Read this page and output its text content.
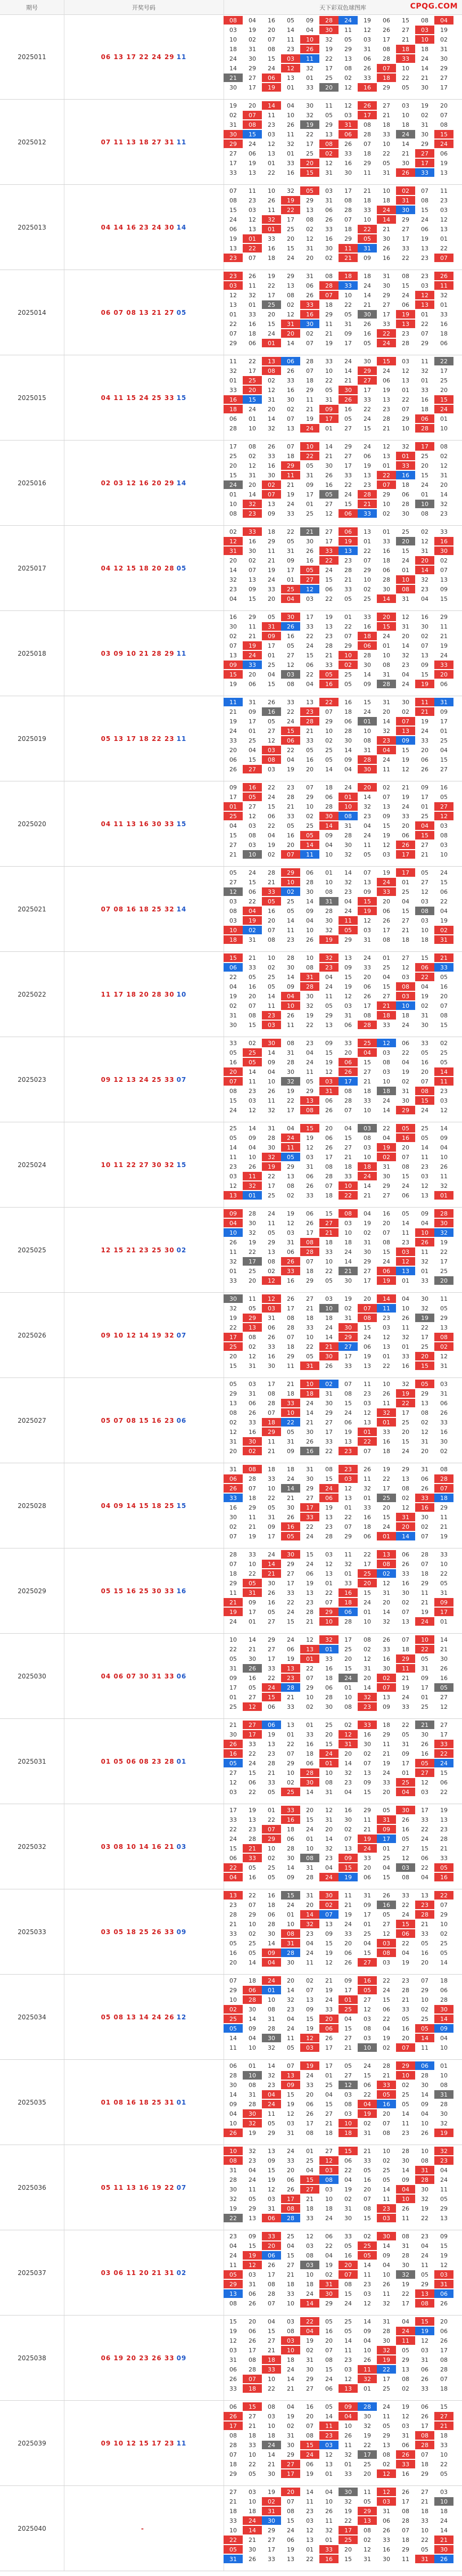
期号	开奖号码	天下彩双色球图库	CPQG.COM
2025011	06 13 17 22 24 29 11
08	04	16	05	09	28	24	19	06	15	08	04
03	19	20	14	04	30	11	12	26	27	03	19
10	02	07	11	10	32	05	03	17	21	10	02
18	31	08	23	26	19	29	31	08	18	18	31
24	30	15	03	11	22	13	06	28	33	24	30
14	29	24	12	32	17	08	26	07	10	14	29
21	27	06	13	01	25	02	33	18	22	21	27
30	17	19	01	33	20	12	16	29	05	30	17
2025012	07 11 13 18 27 31 11
19	20	14	04	30	11	12	26	27	03	19	20
02	07	11	10	32	05	03	17	21	10	02	07
31	08	23	26	19	29	31	08	18	18	31	08
30	15	03	11	22	13	06	28	33	24	30	15
29	24	12	32	17	08	26	07	10	14	29	24
27	06	13	01	25	02	33	18	22	21	27	06
17	19	01	33	20	12	16	29	05	30	17	19
33	13	22	16	15	31	30	11	31	26	33	13
2025013	04 14 16 23 24 30 14
07	11	10	32	05	03	17	21	10	02	07	11
08	23	26	19	29	31	08	18	18	31	08	23
15	03	11	22	13	06	28	33	24	30	15	03
24	12	32	17	08	26	07	10	14	29	24	12
06	13	01	25	02	33	18	22	21	27	06	13
19	01	33	20	12	16	29	05	30	17	19	01
13	22	16	15	31	30	11	31	26	33	13	22
23	07	18	24	20	02	21	09	16	22	23	07
2025014	06 07 08 13 21 27 05
23	26	19	29	31	08	18	18	31	08	23	26
03	11	22	13	06	28	33	24	30	15	03	11
12	32	17	08	26	07	10	14	29	24	12	32
13	01	25	02	33	18	22	21	27	06	13	01
01	33	20	12	16	29	05	30	17	19	01	33
22	16	15	31	30	11	31	26	33	13	22	16
07	18	24	20	02	21	09	16	22	23	07	18
29	06	01	14	07	19	17	05	24	28	29	06
2025015	04 11 15 24 25 33 15
11	22	13	06	28	33	24	30	15	03	11	22
32	17	08	26	07	10	14	29	24	12	32	17
01	25	02	33	18	22	21	27	06	13	01	25
33	20	12	16	29	05	30	17	19	01	33	20
16	15	31	30	11	31	26	33	13	22	16	15
18	24	20	02	21	09	16	22	23	07	18	24
06	01	14	07	19	17	05	24	28	29	06	01
28	10	32	13	24	01	27	15	21	10	28	10
2025016	02 03 12 16 20 29 14
17	08	26	07	10	14	29	24	12	32	17	08
25	02	33	18	22	21	27	06	13	01	25	02
20	12	16	29	05	30	17	19	01	33	20	12
15	31	30	11	31	26	33	13	22	16	15	31
24	20	02	21	09	16	22	23	07	18	24	20
01	14	07	19	17	05	24	28	29	06	01	14
10	32	13	24	01	27	15	21	10	28	10	32
08	23	09	33	25	12	06	33	02	30	08	23
2025017	04 12 15 18 20 28 05
02	33	18	22	21	27	06	13	01	25	02	33
12	16	29	05	30	17	19	01	33	20	12	16
31	30	11	31	26	33	13	22	16	15	31	30
20	02	21	09	16	22	23	07	18	24	20	02
14	07	19	17	05	24	28	29	06	01	14	07
32	13	24	01	27	15	21	10	28	10	32	13
23	09	33	25	12	06	33	02	30	08	23	09
04	15	20	04	03	22	05	25	14	31	04	15
2025018	03 09 10 21 28 29 11
16	29	05	30	17	19	01	33	20	12	16	29
30	11	31	26	33	13	22	16	15	31	30	11
02	21	09	16	22	23	07	18	24	20	02	21
07	19	17	05	24	28	29	06	01	14	07	19
13	24	01	27	15	21	10	28	10	32	13	24
09	33	25	12	06	33	02	30	08	23	09	33
15	20	04	03	22	05	25	14	31	04	15	20
19	06	15	08	04	16	05	09	28	24	19	06
2025019	05 13 17 18 22 23 11
11	31	26	33	13	22	16	15	31	30	11	31
21	09	16	22	23	07	18	24	20	02	21	09
19	17	05	24	28	29	06	01	14	07	19	17
24	01	27	15	21	10	28	10	32	13	24	01
33	25	12	06	33	02	30	08	23	09	33	25
20	04	03	22	05	25	14	31	04	15	20	04
06	15	08	04	16	05	09	28	24	19	06	15
26	27	03	19	20	14	04	30	11	12	26	27
2025020	04 11 13 16 30 33 15
09	16	22	23	07	18	24	20	02	21	09	16
17	05	24	28	29	06	01	14	07	19	17	05
01	27	15	21	10	28	10	32	13	24	01	27
25	12	06	33	02	30	08	23	09	33	25	12
04	03	22	05	25	14	31	04	15	20	04	03
15	08	04	16	05	09	28	24	19	06	15	08
27	03	19	20	14	04	30	11	12	26	27	03
21	10	02	07	11	10	32	05	03	17	21	10
2025021	07 08 16 18 25 32 14
05	24	28	29	06	01	14	07	19	17	05	24
27	15	21	10	28	10	32	13	24	01	27	15
12	06	33	02	30	08	23	09	33	25	12	06
03	22	05	25	14	31	04	15	20	04	03	22
08	04	16	05	09	28	24	19	06	15	08	04
03	19	20	14	04	30	11	12	26	27	03	19
10	02	07	11	10	32	05	03	17	21	10	02
18	31	08	23	26	19	29	31	08	18	18	31
2025022	11 17 18 20 28 30 10
15	21	10	28	10	32	13	24	01	27	15	21
06	33	02	30	08	23	09	33	25	12	06	33
22	05	25	14	31	04	15	20	04	03	22	05
04	16	05	09	28	24	19	06	15	08	04	16
19	20	14	04	30	11	12	26	27	03	19	20
02	07	11	10	32	05	03	17	21	10	02	07
31	08	23	26	19	29	31	08	18	18	31	08
30	15	03	11	22	13	06	28	33	24	30	15
2025023	09 12 13 24 25 33 07
33	02	30	08	23	09	33	25	12	06	33	02
05	25	14	31	04	15	20	04	03	22	05	25
16	05	09	28	24	19	06	15	08	04	16	05
20	14	04	30	11	12	26	27	03	19	20	14
07	11	10	32	05	03	17	21	10	02	07	11
08	23	26	19	29	31	08	18	18	31	08	23
15	03	11	22	13	06	28	33	24	30	15	03
24	12	32	17	08	26	07	10	14	29	24	12
2025024	10 11 22 27 30 32 15
25	14	31	04	15	20	04	03	22	05	25	14
05	09	28	24	19	06	15	08	04	16	05	09
14	04	30	11	12	26	27	03	19	20	14	04
11	10	32	05	03	17	21	10	02	07	11	10
23	26	19	29	31	08	18	18	31	08	23	26
03	11	22	13	06	28	33	24	30	15	03	11
12	32	17	08	26	07	10	14	29	24	12	32
13	01	25	02	33	18	22	21	27	06	13	01
2025025	12 15 21 23 25 30 02
09	28	24	19	06	15	08	04	16	05	09	28
04	30	11	12	26	27	03	19	20	14	04	30
10	32	05	03	17	21	10	02	07	11	10	32
26	19	29	31	08	18	18	31	08	23	26	19
11	22	13	06	28	33	24	30	15	03	11	22
32	17	08	26	07	10	14	29	24	12	32	17
01	25	02	33	18	22	21	27	06	13	01	25
33	20	12	16	29	05	30	17	19	01	33	20
2025026	09 10 12 14 19 32 07
30	11	12	26	27	03	19	20	14	04	30	11
32	05	03	17	21	10	02	07	11	10	32	05
19	29	31	08	18	18	31	08	23	26	19	29
22	13	06	28	33	24	30	15	03	11	22	13
17	08	26	07	10	14	29	24	12	32	17	08
25	02	33	18	22	21	27	06	13	01	25	02
20	12	16	29	05	30	17	19	01	33	20	12
15	31	30	11	31	26	33	13	22	16	15	31
2025027	05 07 08 15 16 23 06
05	03	17	21	10	02	07	11	10	32	05	03
29	31	08	18	18	31	08	23	26	19	29	31
13	06	28	33	24	30	15	03	11	22	13	06
08	26	07	10	14	29	24	12	32	17	08	26
02	33	18	22	21	27	06	13	01	25	02	33
12	16	29	05	30	17	19	01	33	20	12	16
31	30	11	31	26	33	13	22	16	15	31	30
20	02	21	09	16	22	23	07	18	24	20	02
2025028	04 09 14 15 18 25 15
31	08	18	18	31	08	23	26	19	29	31	08
06	28	33	24	30	15	03	11	22	13	06	28
26	07	10	14	29	24	12	32	17	08	26	07
33	18	22	21	27	06	13	01	25	02	33	18
16	29	05	30	17	19	01	33	20	12	16	29
30	11	31	26	33	13	22	16	15	31	30	11
02	21	09	16	22	23	07	18	24	20	02	21
07	19	17	05	24	28	29	06	01	14	07	19
2025029	05 15 16 25 30 33 16
28	33	24	30	15	03	11	22	13	06	28	33
07	10	14	29	24	12	32	17	08	26	07	10
18	22	21	27	06	13	01	25	02	33	18	22
29	05	30	17	19	01	33	20	12	16	29	05
11	31	26	33	13	22	16	15	31	30	11	31
21	09	16	22	23	07	18	24	20	02	21	09
19	17	05	24	28	29	06	01	14	07	19	17
24	01	27	15	21	10	28	10	32	13	24	01
2025030	04 06 07 30 31 33 06
10	14	29	24	12	32	17	08	26	07	10	14
22	21	27	06	13	01	25	02	33	18	22	21
05	30	17	19	01	33	20	12	16	29	05	30
31	26	33	13	22	16	15	31	30	11	31	26
09	16	22	23	07	18	24	20	02	21	09	16
17	05	24	28	29	06	01	14	07	19	17	05
01	27	15	21	10	28	10	32	13	24	01	27
25	12	06	33	02	30	08	23	09	33	25	12
2025031	01 05 06 08 23 28 01
21	27	06	13	01	25	02	33	18	22	21	27
30	17	19	01	33	20	12	16	29	05	30	17
26	33	13	22	16	15	31	30	11	31	26	33
16	22	23	07	18	24	20	02	21	09	16	22
05	24	28	29	06	01	14	07	19	17	05	24
27	15	21	10	28	10	32	13	24	01	27	15
12	06	33	02	30	08	23	09	33	25	12	06
03	22	05	25	14	31	04	15	20	04	03	22
2025032	03 08 10 14 16 21 03
17	19	01	33	20	12	16	29	05	30	17	19
33	13	22	16	15	31	30	11	31	26	33	13
22	23	07	18	24	20	02	21	09	16	22	23
24	28	29	06	01	14	07	19	17	05	24	28
15	21	10	28	10	32	13	24	01	27	15	21
06	33	02	30	08	23	09	33	25	12	06	33
22	05	25	14	31	04	15	20	04	03	22	05
04	16	05	09	28	24	19	06	15	08	04	16
2025033	03 05 18 25 26 33 09
13	22	16	15	31	30	11	31	26	33	13	22
23	07	18	24	20	02	21	09	16	22	23	07
28	29	06	01	14	07	19	17	05	24	28	29
21	10	28	10	32	13	24	01	27	15	21	10
33	02	30	08	23	09	33	25	12	06	33	02
05	25	14	31	04	15	20	04	03	22	05	25
16	05	09	28	24	19	06	15	08	04	16	05
20	14	04	30	11	12	26	27	03	19	20	14
2025034	05 08 13 14 24 26 12
07	18	24	20	02	21	09	16	22	23	07	18
29	06	01	14	07	19	17	05	24	28	29	06
10	28	10	32	13	24	01	27	15	21	10	28
02	30	08	23	09	33	25	12	06	33	02	30
25	14	31	04	15	20	04	03	22	05	25	14
05	09	28	24	19	06	15	08	04	16	05	09
14	04	30	11	12	26	27	03	19	20	14	04
11	10	32	05	03	17	21	10	02	07	11	10
2025035	01 08 16 18 25 31 01
06	01	14	07	19	17	05	24	28	29	06	01
28	10	32	13	24	01	27	15	21	10	28	10
30	08	23	09	33	25	12	06	33	02	30	08
14	31	04	15	20	04	03	22	05	25	14	31
09	28	24	19	06	15	08	04	16	05	09	28
04	30	11	12	26	27	03	19	20	14	04	30
10	32	05	03	17	21	10	02	07	11	10	32
26	19	29	31	08	18	18	31	08	23	26	19
2025036	05 11 13 16 19 22 07
10	32	13	24	01	27	15	21	10	28	10	32
08	23	09	33	25	12	06	33	02	30	08	23
31	04	15	20	04	03	22	05	25	14	31	04
28	24	19	06	15	08	04	16	05	09	28	24
30	11	12	26	27	03	19	20	14	04	30	11
32	05	03	17	21	10	02	07	11	10	32	05
19	29	31	08	18	18	31	08	23	26	19	29
22	13	06	28	33	24	30	15	03	11	22	13
2025037	03 06 11 20 21 31 02
23	09	33	25	12	06	33	02	30	08	23	09
04	15	20	04	03	22	05	25	14	31	04	15
24	19	06	15	08	04	16	05	09	28	24	19
11	12	26	27	03	19	20	14	04	30	11	12
05	03	17	21	10	02	07	11	10	32	05	03
29	31	08	18	18	31	08	23	26	19	29	31
13	06	28	33	24	30	15	03	11	22	13	06
08	26	07	10	14	29	24	12	32	17	08	26
2025038	06 19 20 23 26 33 09
15	20	04	03	22	05	25	14	31	04	15	20
19	06	15	08	04	16	05	09	28	24	19	06
12	26	27	03	19	20	14	04	30	11	12	26
03	17	21	10	02	07	11	10	32	05	03	17
31	08	18	18	31	08	23	26	19	29	31	08
06	28	33	24	30	15	03	11	22	13	06	28
26	07	10	14	29	24	12	32	17	08	26	07
33	18	22	21	27	06	13	01	25	02	33	18
2025039	09 10 12 15 17 23 11
06	15	08	04	16	05	09	28	24	19	06	15
26	27	03	19	20	14	04	30	11	12	26	27
17	21	10	02	07	11	10	32	05	03	17	21
08	18	18	31	08	23	26	19	29	31	08	18
28	33	24	30	15	03	11	22	13	06	28	33
07	10	14	29	24	12	32	17	08	26	07	10
18	22	21	27	06	13	01	25	02	33	18	22
29	05	30	17	19	01	33	20	12	16	29	05
2025040	-
27	03	19	20	14	04	30	11	12	26	27	03
21	10	02	07	11	10	32	05	03	17	21	10
18	18	31	08	23	26	19	29	31	08	18	18
33	24	30	15	03	11	22	13	06	28	33	24
10	14	29	24	12	32	17	08	26	07	10	14
22	21	27	06	13	01	25	02	33	18	22	21
05	30	17	19	01	33	20	12	16	29	05	30
31	26	33	13	22	16	15	31	30	11	31	26
